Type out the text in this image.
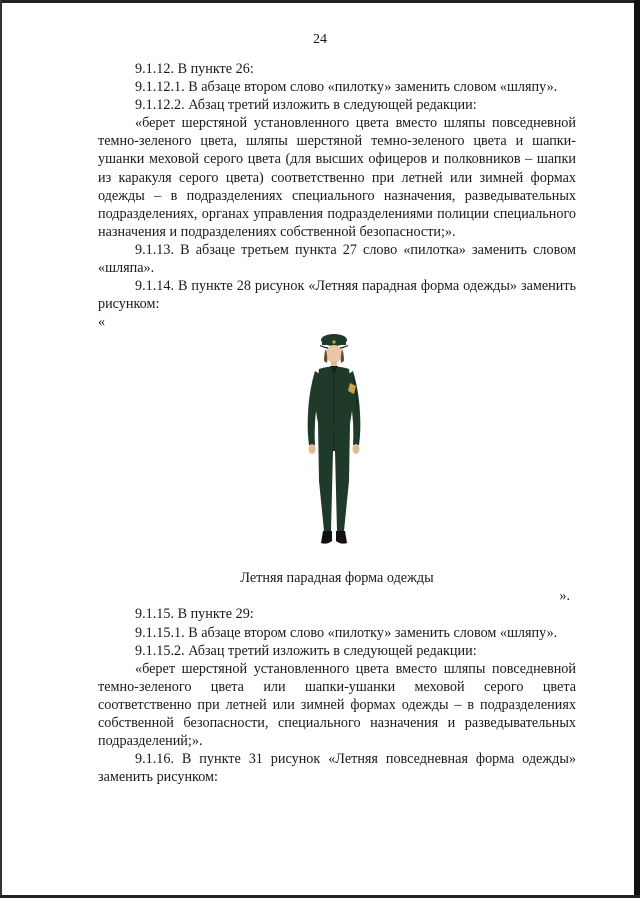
24

9.1.12. В пункте 26:

9.1.12.1. В абзаце втором слово «пилотку» заменить словом «шляпу».

9.1.12.2. Абзац третий изложить в следующей редакции:

«берет шерстяной установленного цвета вместо шляпы повседневной темно-зеленого цвета, шляпы шерстяной темно-зеленого цвета и шапки-ушанки меховой серого цвета (для высших офицеров и полковников – шапки из каракуля серого цвета) соответственно при летней или зимней формах одежды – в подразделениях специального назначения, разведывательных подразделениях, органах управления подразделениями полиции специального назначения и подразделениях собственной безопасности;».

9.1.13. В абзаце третьем пункта 27 слово «пилотка» заменить словом «шляпа».

9.1.14. В пункте 28 рисунок «Летняя парадная форма одежды» заменить рисунком:

«

Летняя парадная форма одежды

».

9.1.15. В пункте 29:

9.1.15.1. В абзаце втором слово «пилотку» заменить словом «шляпу».

9.1.15.2. Абзац третий изложить в следующей редакции:

«берет шерстяной установленного цвета вместо шляпы повседневной темно-зеленого цвета или шапки-ушанки меховой серого цвета соответственно при летней или зимней формах одежды – в подразделениях собственной безопасности, специального назначения и разведывательных подразделений;».

9.1.16. В пункте 31 рисунок «Летняя повседневная форма одежды» заменить рисунком:
